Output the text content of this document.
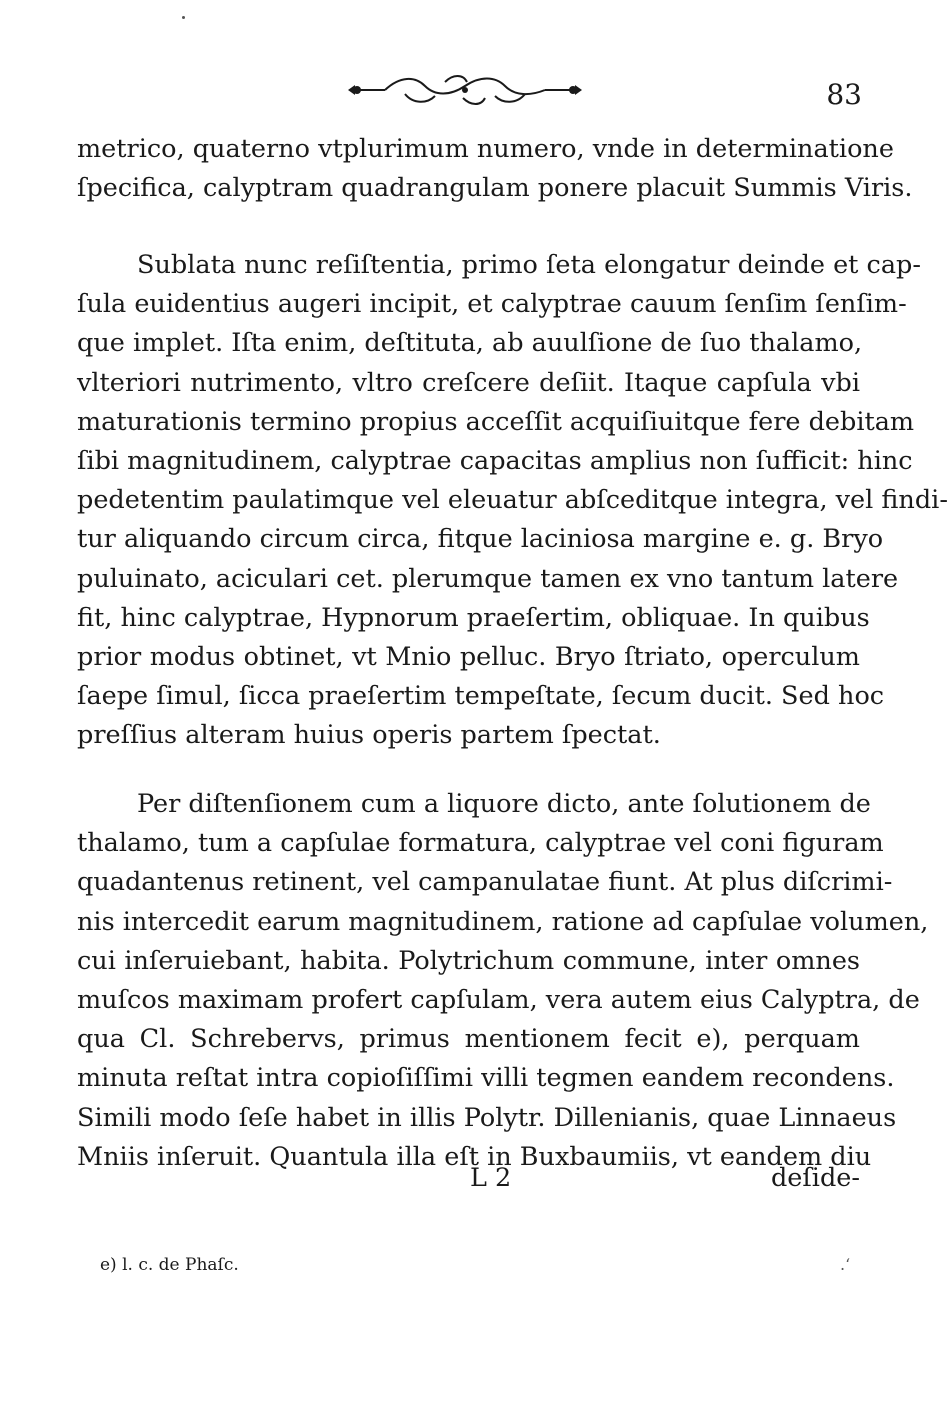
83
metrico, quaterno vtplurimum numero, vnde in determinatione
ſpecifica, calyptram quadrangulam ponere placuit Summis Viris.
Sublata nunc reſiſtentia, primo ſeta elongatur deinde et cap-
ſula euidentius augeri incipit, et calyptrae cauum ſenſim ſenſim-
que implet. Iſta enim, deſtituta, ab auulſione de ſuo thalamo,
vlteriori nutrimento, vltro creſcere deſiit. Itaque capſula vbi
maturationis termino propius acceſſit acquiſiuitque fere debitam
ſibi magnitudinem, calyptrae capacitas amplius non ſufficit: hinc
pedetentim paulatimque vel eleuatur abſceditque integra, vel findi-
tur aliquando circum circa, fitque laciniosa margine e. g. Bryo
puluinato, aciculari cet. plerumque tamen ex vno tantum latere
fit, hinc calyptrae, Hypnorum praeſertim, obliquae. In quibus
prior modus obtinet, vt Mnio pelluc. Bryo ſtriato, operculum
ſaepe ſimul, ſicca praeſertim tempeſtate, ſecum ducit. Sed hoc
preſſius alteram huius operis partem ſpectat.
Per diſtenſionem cum a liquore dicto, ante ſolutionem de
thalamo, tum a capſulae formatura, calyptrae vel coni figuram
quadantenus retinent, vel campanulatae fiunt. At plus diſcrimi-
nis intercedit earum magnitudinem, ratione ad capſulae volumen,
cui inſeruiebant, habita. Polytrichum commune, inter omnes
muſcos maximam profert capſulam, vera autem eius Calyptra, de
qua Cl. Schrebervs, primus mentionem fecit e), perquam
minuta reſtat intra copioſiſſimi villi tegmen eandem recondens.
Simili modo ſeſe habet in illis Polytr. Dillenianis, quae Linnaeus
Mniis inſeruit. Quantula illa eſt in Buxbaumiis, vt eandem diu
L 2	deſide-
e) l. c. de Phaſc.	.‘
